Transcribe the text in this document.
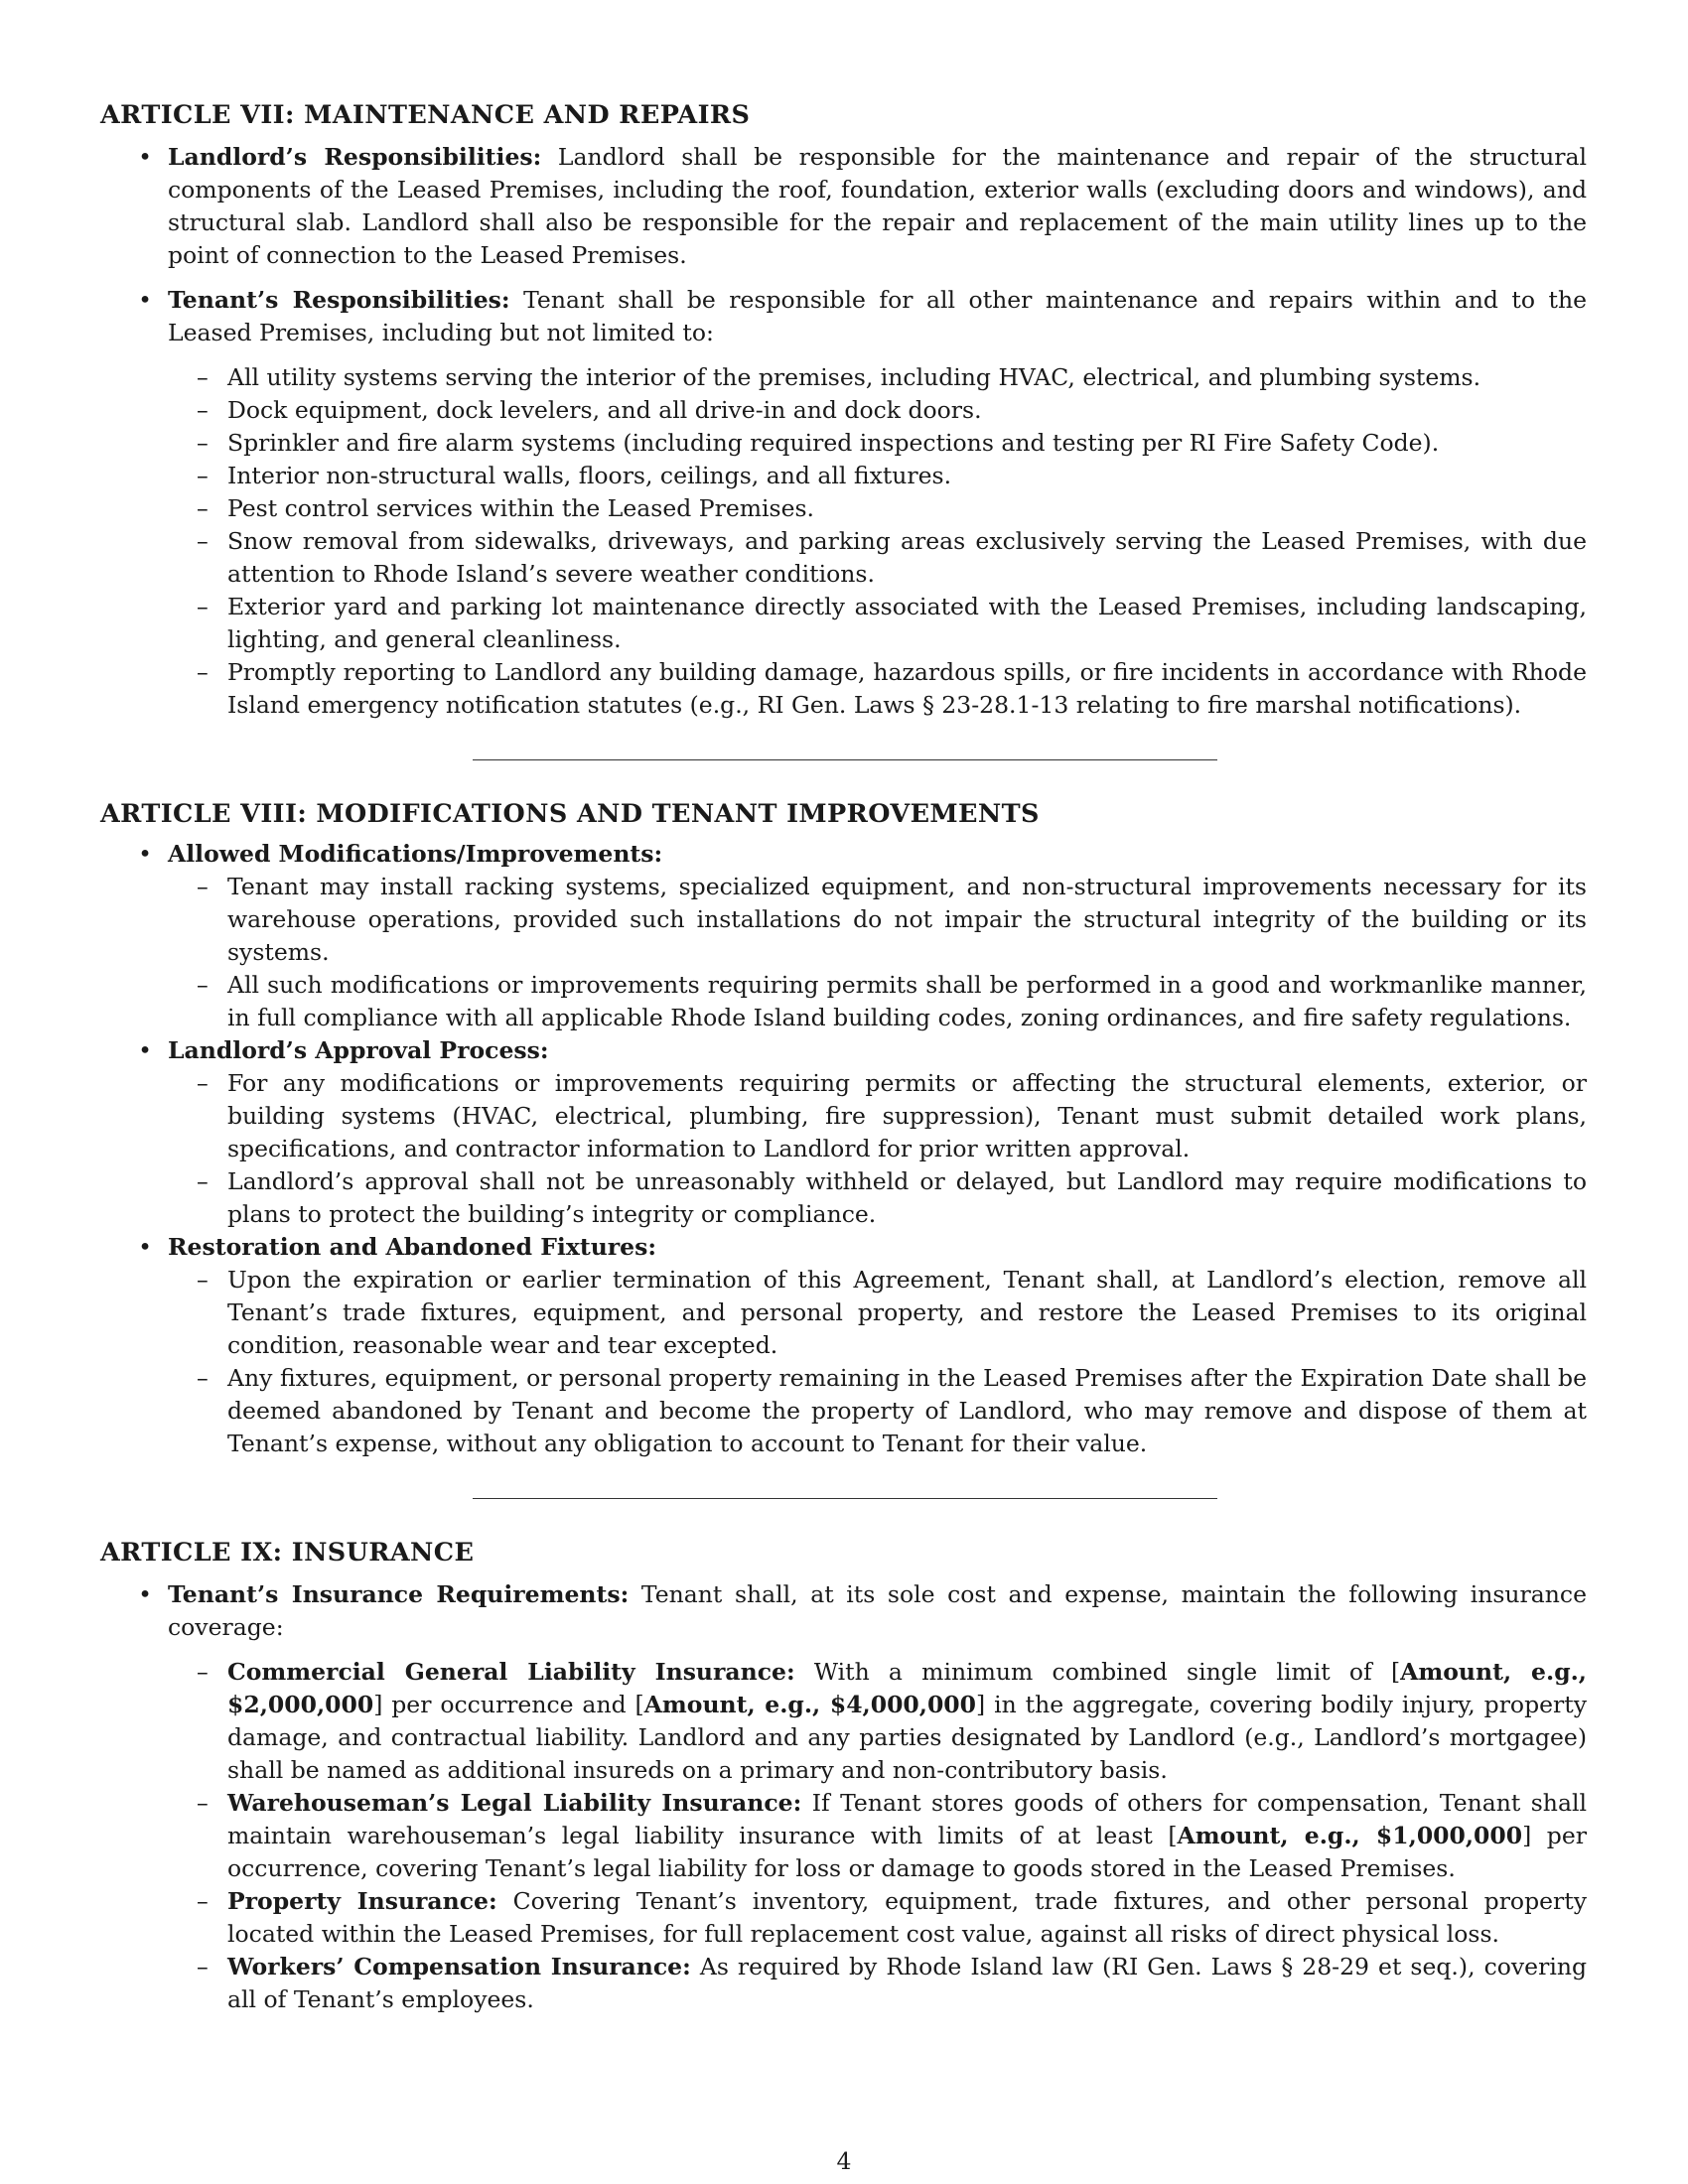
ARTICLE VII: MAINTENANCE AND REPAIRS
• Landlord’s Responsibilities: Landlord shall be responsible for the maintenance and repair of the structural components of the Leased Premises, including the roof, foundation, exterior walls (excluding doors and windows), and structural slab. Landlord shall also be responsible for the repair and replacement of the main utility lines up to the point of connection to the Leased Premises.

• Tenant’s Responsibilities: Tenant shall be responsible for all other maintenance and repairs within and to the Leased Premises, including but not limited to:

– All utility systems serving the interior of the premises, including HVAC, electrical, and plumbing systems.
– Dock equipment, dock levelers, and all drive-in and dock doors.
– Sprinkler and fire alarm systems (including required inspections and testing per RI Fire Safety Code).
– Interior non-structural walls, floors, ceilings, and all fixtures.
– Pest control services within the Leased Premises.
– Snow removal from sidewalks, driveways, and parking areas exclusively serving the Leased Premises, with due attention to Rhode Island’s severe weather conditions.
– Exterior yard and parking lot maintenance directly associated with the Leased Premises, including landscaping, lighting, and general cleanliness.
– Promptly reporting to Landlord any building damage, hazardous spills, or fire incidents in accordance with Rhode Island emergency notification statutes (e.g., RI Gen. Laws § 23-28.1-13 relating to fire marshal notifications).
ARTICLE VIII: MODIFICATIONS AND TENANT IMPROVEMENTS
• Allowed Modifications/Improvements:
– Tenant may install racking systems, specialized equipment, and non-structural improvements necessary for its warehouse operations, provided such installations do not impair the structural integrity of the building or its systems.
– All such modifications or improvements requiring permits shall be performed in a good and workmanlike manner, in full compliance with all applicable Rhode Island building codes, zoning ordinances, and fire safety regulations.
• Landlord’s Approval Process:
– For any modifications or improvements requiring permits or affecting the structural elements, exterior, or building systems (HVAC, electrical, plumbing, fire suppression), Tenant must submit detailed work plans, specifications, and contractor information to Landlord for prior written approval.
– Landlord’s approval shall not be unreasonably withheld or delayed, but Landlord may require modifications to plans to protect the building’s integrity or compliance.
• Restoration and Abandoned Fixtures:
– Upon the expiration or earlier termination of this Agreement, Tenant shall, at Landlord’s election, remove all Tenant’s trade fixtures, equipment, and personal property, and restore the Leased Premises to its original condition, reasonable wear and tear excepted.
– Any fixtures, equipment, or personal property remaining in the Leased Premises after the Expiration Date shall be deemed abandoned by Tenant and become the property of Landlord, who may remove and dispose of them at Tenant’s expense, without any obligation to account to Tenant for their value.
ARTICLE IX: INSURANCE
• Tenant’s Insurance Requirements: Tenant shall, at its sole cost and expense, maintain the following insurance coverage:

– Commercial General Liability Insurance: With a minimum combined single limit of [Amount, e.g., $2,000,000] per occurrence and [Amount, e.g., $4,000,000] in the aggregate, covering bodily injury, property damage, and contractual liability. Landlord and any parties designated by Landlord (e.g., Landlord’s mortgagee) shall be named as additional insureds on a primary and non-contributory basis.
– Warehouseman’s Legal Liability Insurance: If Tenant stores goods of others for compensation, Tenant shall maintain warehouseman’s legal liability insurance with limits of at least [Amount, e.g., $1,000,000] per occurrence, covering Tenant’s legal liability for loss or damage to goods stored in the Leased Premises.
– Property Insurance: Covering Tenant’s inventory, equipment, trade fixtures, and other personal property located within the Leased Premises, for full replacement cost value, against all risks of direct physical loss.
– Workers’ Compensation Insurance: As required by Rhode Island law (RI Gen. Laws § 28-29 et seq.), covering all of Tenant’s employees.
4
